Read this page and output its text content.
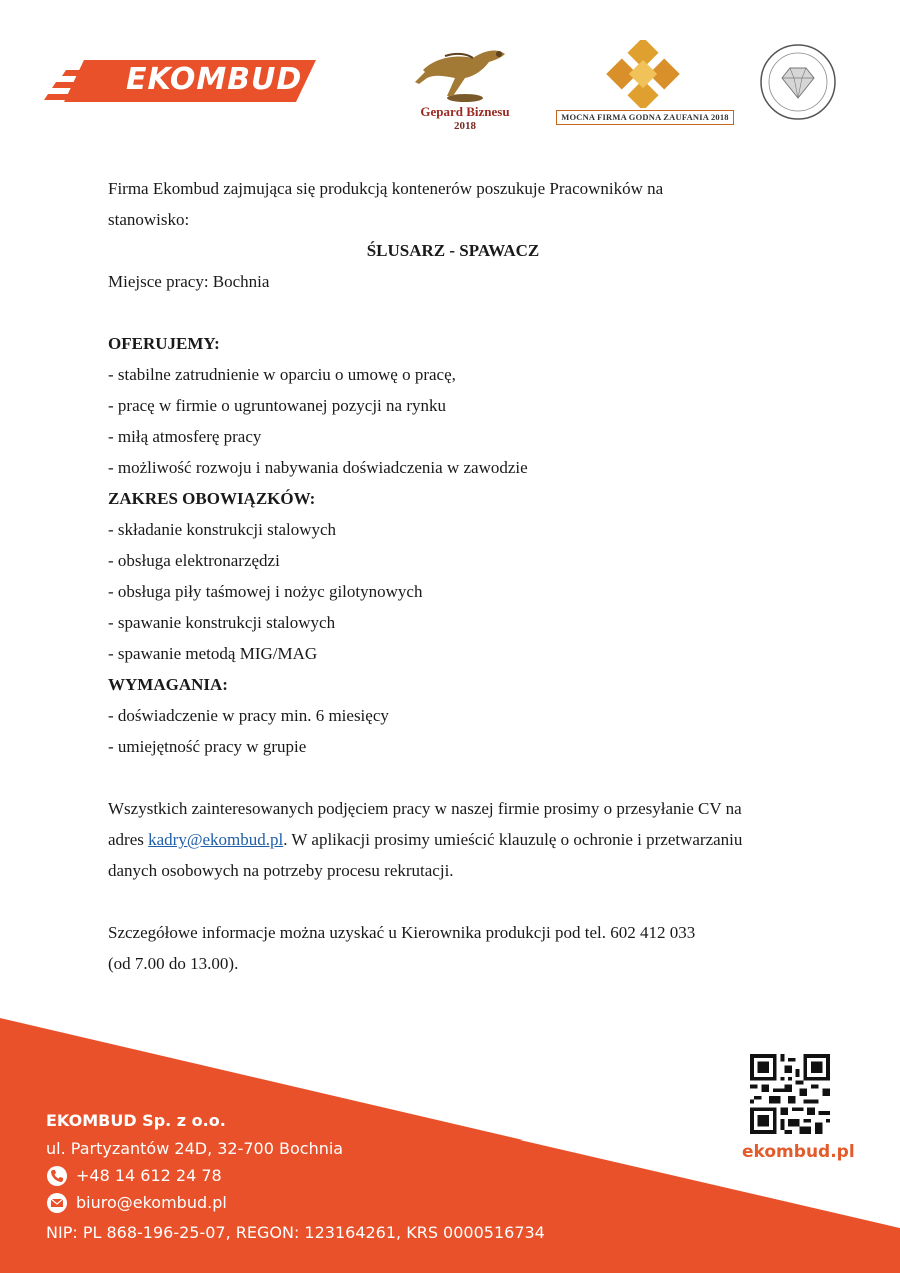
EKOMBUD
Gepard Biznesu
2018
MOCNA FIRMA GODNA ZAUFANIA 2018

Firma Ekombud zajmująca się produkcją kontenerów poszukuje Pracowników na

stanowisko:

ŚLUSARZ - SPAWACZ

Miejsce pracy: Bochnia

OFERUJEMY:

- stabilne zatrudnienie w oparciu o umowę o pracę,

- pracę w firmie o ugruntowanej pozycji na rynku

- miłą atmosferę pracy

- możliwość rozwoju i nabywania doświadczenia w zawodzie

ZAKRES OBOWIĄZKÓW:

- składanie konstrukcji stalowych

- obsługa elektronarzędzi

- obsługa piły taśmowej i nożyc gilotynowych

- spawanie konstrukcji stalowych

- spawanie metodą MIG/MAG

WYMAGANIA:

- doświadczenie w pracy min. 6 miesięcy

- umiejętność pracy w grupie

Wszystkich zainteresowanych podjęciem pracy w naszej firmie prosimy o przesyłanie CV na

adres kadry@ekombud.pl. W aplikacji prosimy umieścić klauzulę o ochronie i przetwarzaniu

danych osobowych na potrzeby procesu rekrutacji.

Szczegółowe informacje można uzyskać u Kierownika produkcji pod tel. 602 412 033

(od 7.00 do 13.00).

EKOMBUD Sp. z o.o.
ul. Partyzantów 24D, 32-700 Bochnia
+48 14 612 24 78
biuro@ekombud.pl
NIP: PL 868-196-25-07, REGON: 123164261, KRS 0000516734
ekombud.pl
